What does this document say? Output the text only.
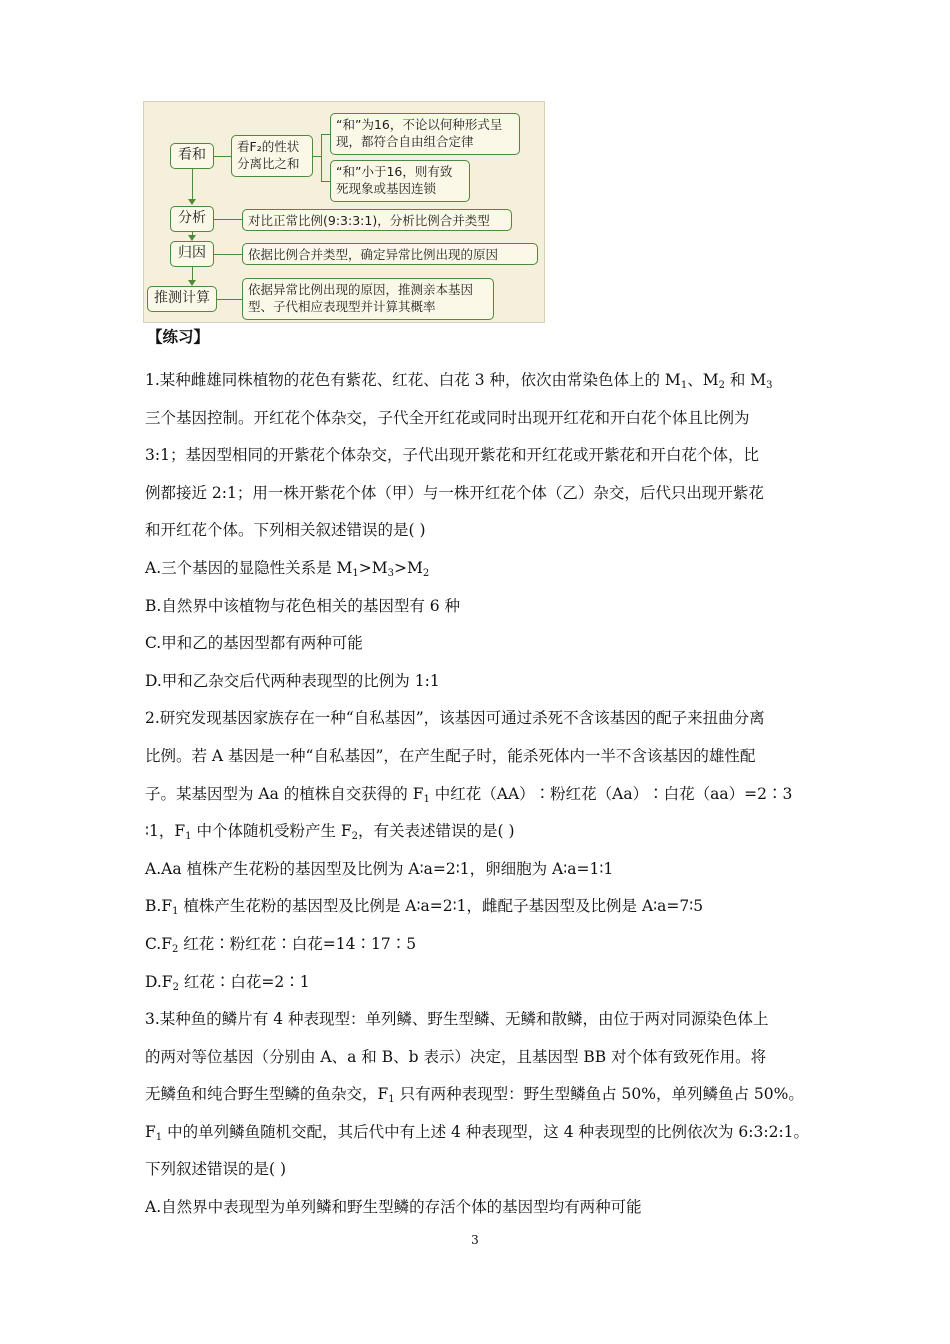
看和
看F₂的性状分离比之和
“和”为16，不论以何种形式呈现，都符合自由组合定律
“和”小于16，则有致死现象或基因连锁
分析	对比正常比例(9:3:3:1)，分析比例合并类型
归因	依据比例合并类型，确定异常比例出现的原因
推测计算
依据异常比例出现的原因，推测亲本基因型、子代相应表现型并计算其概率
【练习】
1.某种雌雄同株植物的花色有紫花、红花、白花 3 种，依次由常染色体上的 $M_1$、$M_2$ 和 $M_3$
三个基因控制。开红花个体杂交，子代全开红花或同时出现开红花和开白花个体且比例为
3:1；基因型相同的开紫花个体杂交，子代出现开紫花和开红花或开紫花和开白花个体，比
例都接近 2:1；用一株开紫花个体（甲）与一株开红花个体（乙）杂交，后代只出现开紫花
和开红花个体。下列相关叙述错误的是( )
A.三个基因的显隐性关系是 $M_1>M_3>M_2$
B.自然界中该植物与花色相关的基因型有 6 种
C.甲和乙的基因型都有两种可能
D.甲和乙杂交后代两种表现型的比例为 1:1
2.研究发现基因家族存在一种“自私基因”，该基因可通过杀死不含该基因的配子来扭曲分离
比例。若 A 基因是一种“自私基因”，在产生配子时，能杀死体内一半不含该基因的雄性配
子。某基因型为 Aa 的植株自交获得的 $F_1$ 中红花（AA）∶粉红花（Aa）∶白花（aa）=2∶3
∶1，$F_1$ 中个体随机受粉产生 $F_2$，有关表述错误的是( )
A.Aa 植株产生花粉的基因型及比例为 A∶a=2∶1，卵细胞为 A∶a=1∶1
$B.F_1$ 植株产生花粉的基因型及比例是 A∶a=2∶1，雌配子基因型及比例是 A∶a=7∶5
$C.F_2$ 红花∶粉红花∶白花=14∶17∶5
$D.F_2$ 红花∶白花=2∶1
3.某种鱼的鳞片有 4 种表现型：单列鳞、野生型鳞、无鳞和散鳞，由位于两对同源染色体上
的两对等位基因（分别由 A、a 和 B、b 表示）决定，且基因型 BB 对个体有致死作用。将
无鳞鱼和纯合野生型鳞的鱼杂交，$F_1$ 只有两种表现型：野生型鳞鱼占 50%，单列鳞鱼占 50%。
$F_1$ 中的单列鳞鱼随机交配，其后代中有上述 4 种表现型，这 4 种表现型的比例依次为 6:3:2:1。
下列叙述错误的是( )
A.自然界中表现型为单列鳞和野生型鳞的存活个体的基因型均有两种可能
3
